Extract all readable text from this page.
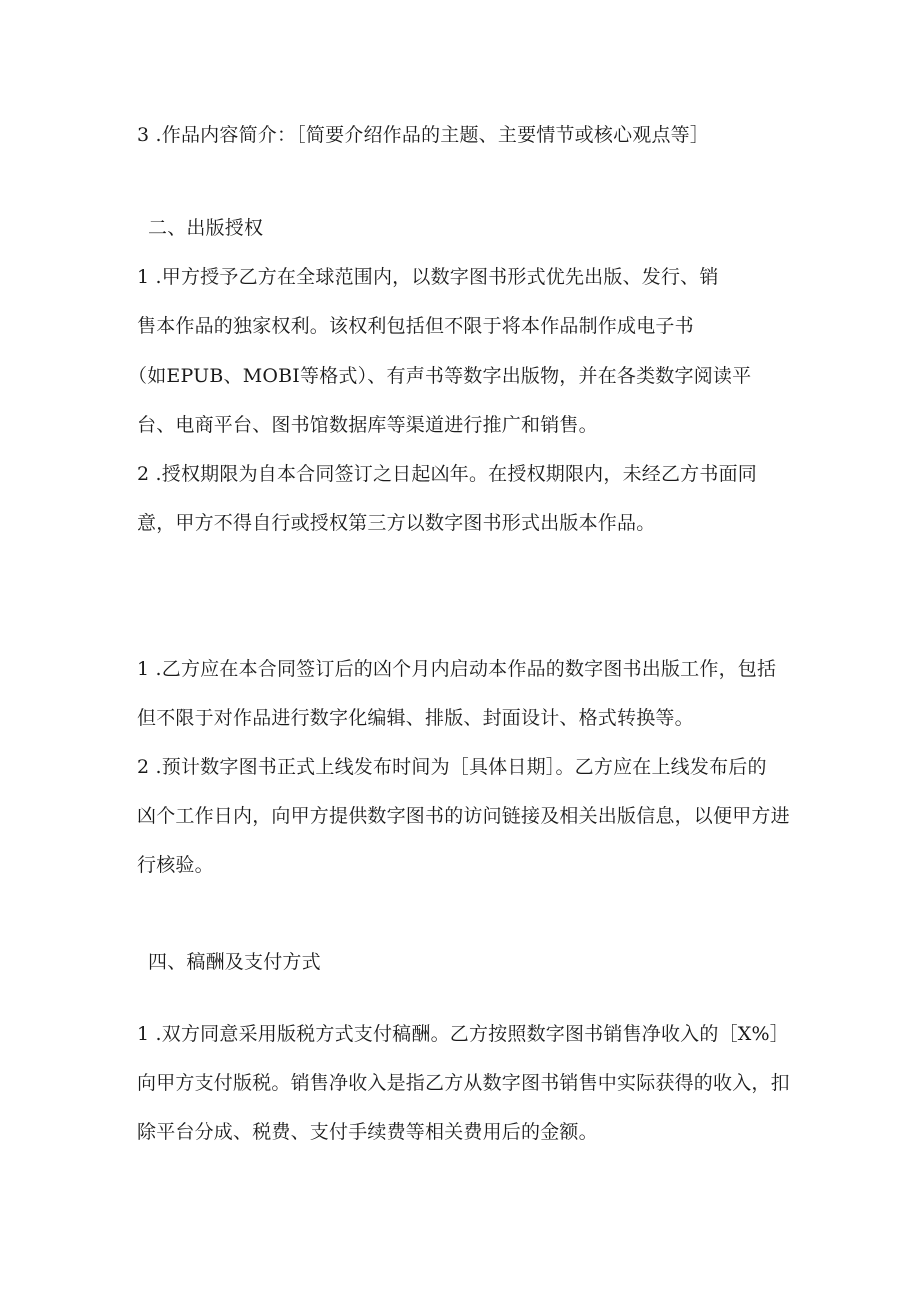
3 .作品内容简介：［简要介绍作品的主题、主要情节或核心观点等］
二、出版授权
1 .甲方授予乙方在全球范围内，以数字图书形式优先出版、发行、销
售本作品的独家权利。该权利包括但不限于将本作品制作成电子书
（如EPUB、MOBI等格式）、有声书等数字出版物，并在各类数字阅读平
台、电商平台、图书馆数据库等渠道进行推广和销售。
2 .授权期限为自本合同签订之日起凶年。在授权期限内，未经乙方书面同
意，甲方不得自行或授权第三方以数字图书形式出版本作品。
1 .乙方应在本合同签订后的凶个月内启动本作品的数字图书出版工作，包括
但不限于对作品进行数字化编辑、排版、封面设计、格式转换等。
2 .预计数字图书正式上线发布时间为［具体日期］。乙方应在上线发布后的
凶个工作日内，向甲方提供数字图书的访问链接及相关出版信息，以便甲方进
行核验。
四、稿酬及支付方式
1 .双方同意采用版税方式支付稿酬。乙方按照数字图书销售净收入的［X%］
向甲方支付版税。销售净收入是指乙方从数字图书销售中实际获得的收入，扣
除平台分成、税费、支付手续费等相关费用后的金额。
